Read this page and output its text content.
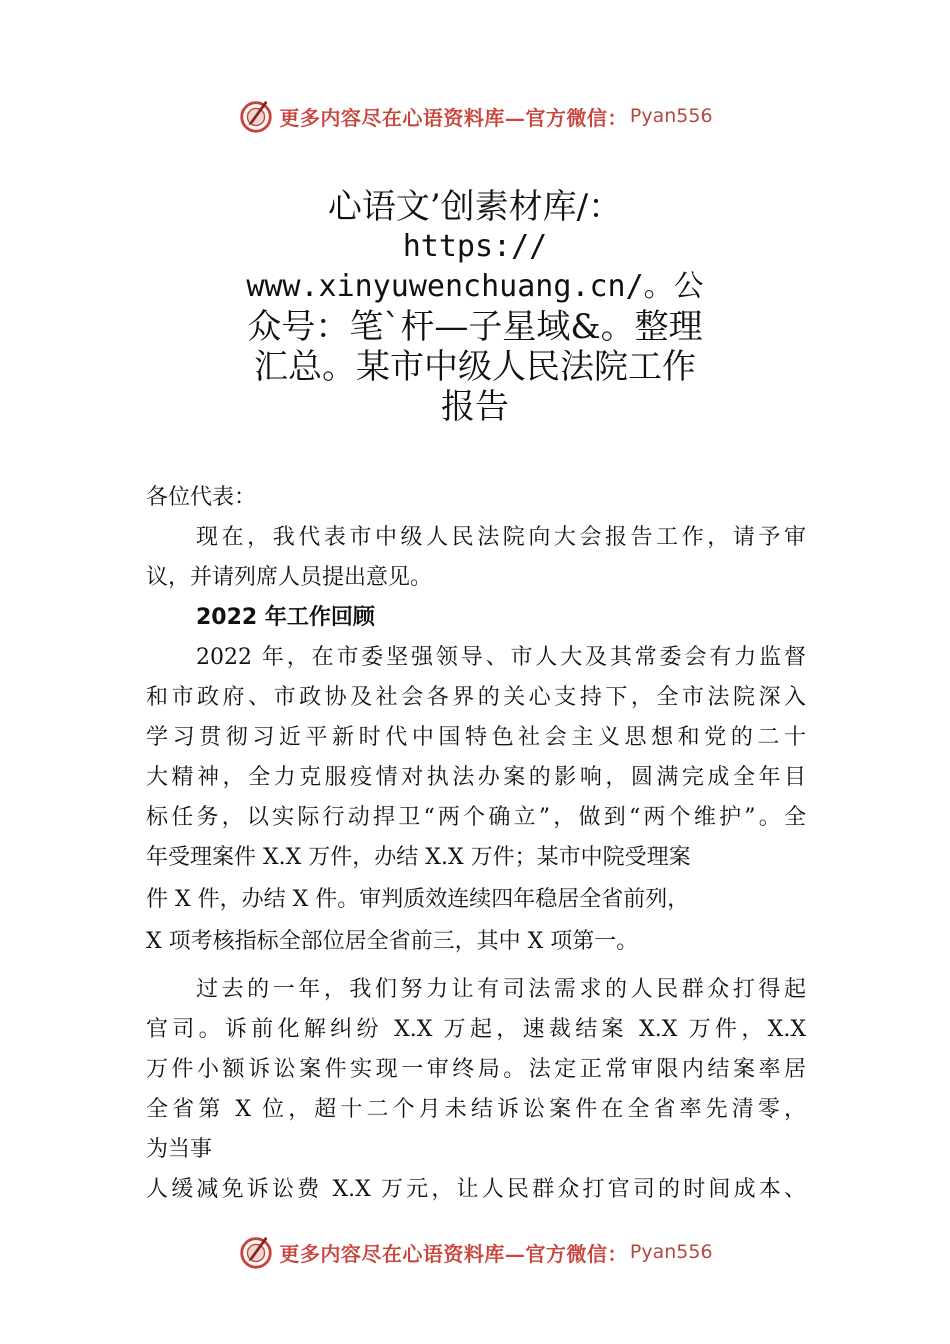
更多内容尽在心语资料库—官方微信： Pyan556
心语文’创素材库/：
https://
www.xinyuwenchuang.cn/。公
众号：笔`杆—子星域&。整理
汇总。某市中级人民法院工作
报告
各位代表：
现在，我代表市中级人民法院向大会报告工作，请予审
议，并请列席人员提出意见。
2022 年工作回顾
2022 年，在市委坚强领导、市人大及其常委会有力监督
和市政府、市政协及社会各界的关心支持下，全市法院深入
学习贯彻习近平新时代中国特色社会主义思想和党的二十
大精神，全力克服疫情对执法办案的影响，圆满完成全年目
标任务，以实际行动捍卫“两个确立”，做到“两个维护”。全
年受理案件 X.X 万件，办结 X.X 万件；某市中院受理案
件 X 件，办结 X 件。审判质效连续四年稳居全省前列，
X 项考核指标全部位居全省前三，其中 X 项第一。
过去的一年，我们努力让有司法需求的人民群众打得起
官司。诉前化解纠纷 X.X 万起，速裁结案 X.X 万件，X.X
万件小额诉讼案件实现一审终局。法定正常审限内结案率居
全省第 X 位，超十二个月未结诉讼案件在全省率先清零，
为当事
人缓减免诉讼费 X.X 万元，让人民群众打官司的时间成本、
更多内容尽在心语资料库—官方微信： Pyan556
